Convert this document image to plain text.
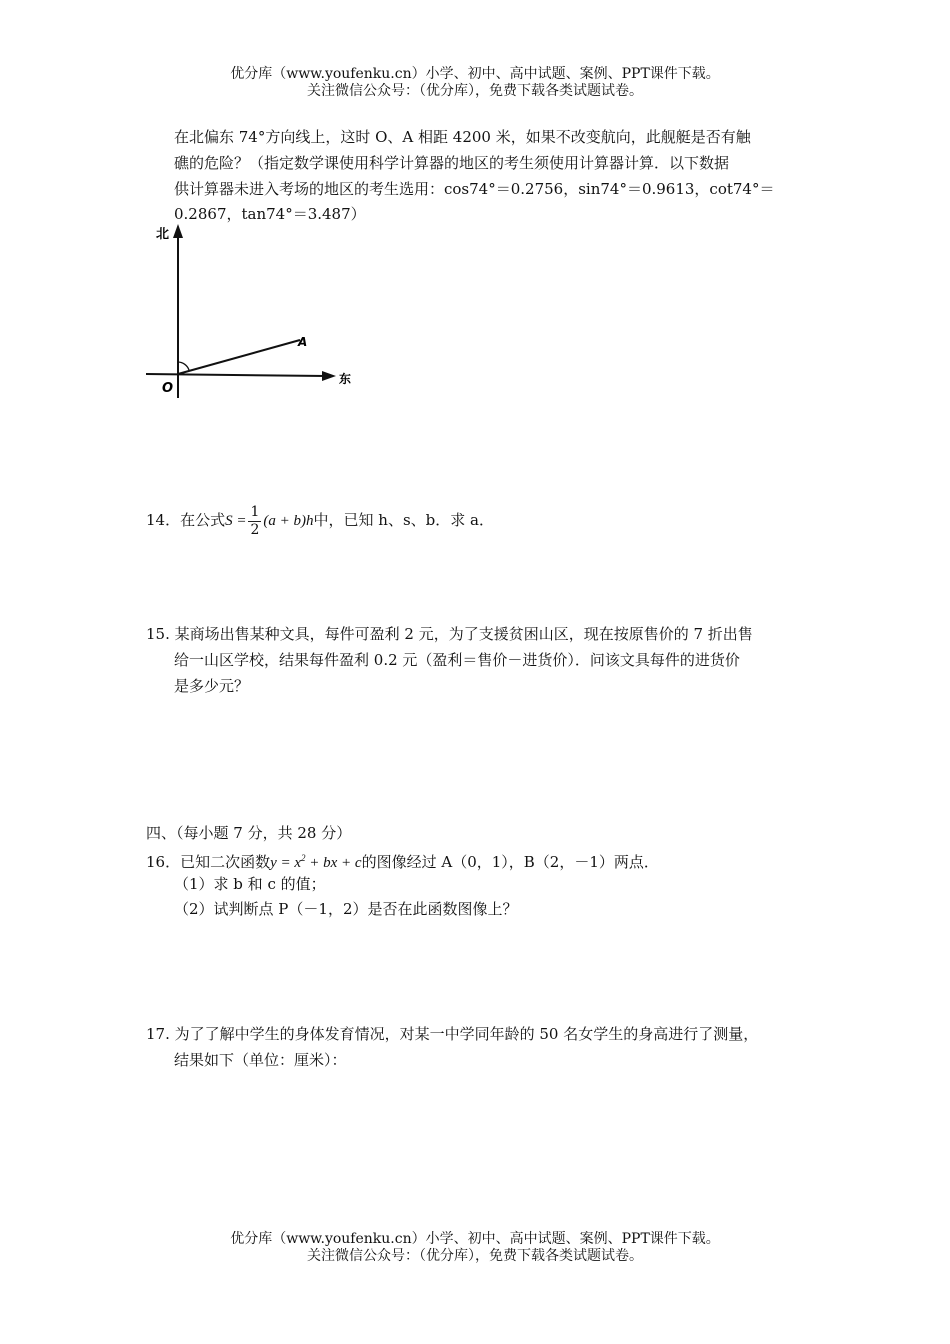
优分库（www.youfenku.cn）小学、初中、高中试题、案例、PPT课件下载。
关注微信公众号：（优分库），免费下载各类试题试卷。
在北偏东 74°方向线上，这时 O、A 相距 4200 米，如果不改变航向，此舰艇是否有触
礁的危险？（指定数学课使用科学计算器的地区的考生须使用计算器计算．以下数据
供计算器未进入考场的地区的考生选用：cos74°＝0.2756，sin74°＝0.9613，cot74°＝
0.2867，tan74°＝3.487）
北
东
O
A
14．在公式$S = \frac{1}{2} (a + b)h$中，已知 h、s、b．求 a．
15. 某商场出售某种文具，每件可盈利 2 元，为了支援贫困山区，现在按原售价的 7 折出售
给一山区学校，结果每件盈利 0.2 元（盈利＝售价－进货价）．问该文具每件的进货价
是多少元？
四、（每小题 7 分，共 28 分）
16．已知二次函数$y = x^2$ + bx + c的图像经过 A（0，1），B（2，－1）两点．
（1）求 b 和 c 的值；
（2）试判断点 P（－1，2）是否在此函数图像上？
17. 为了了解中学生的身体发育情况，对某一中学同年龄的 50 名女学生的身高进行了测量，
结果如下（单位：厘米）：
优分库（www.youfenku.cn）小学、初中、高中试题、案例、PPT课件下载。
关注微信公众号：（优分库），免费下载各类试题试卷。
